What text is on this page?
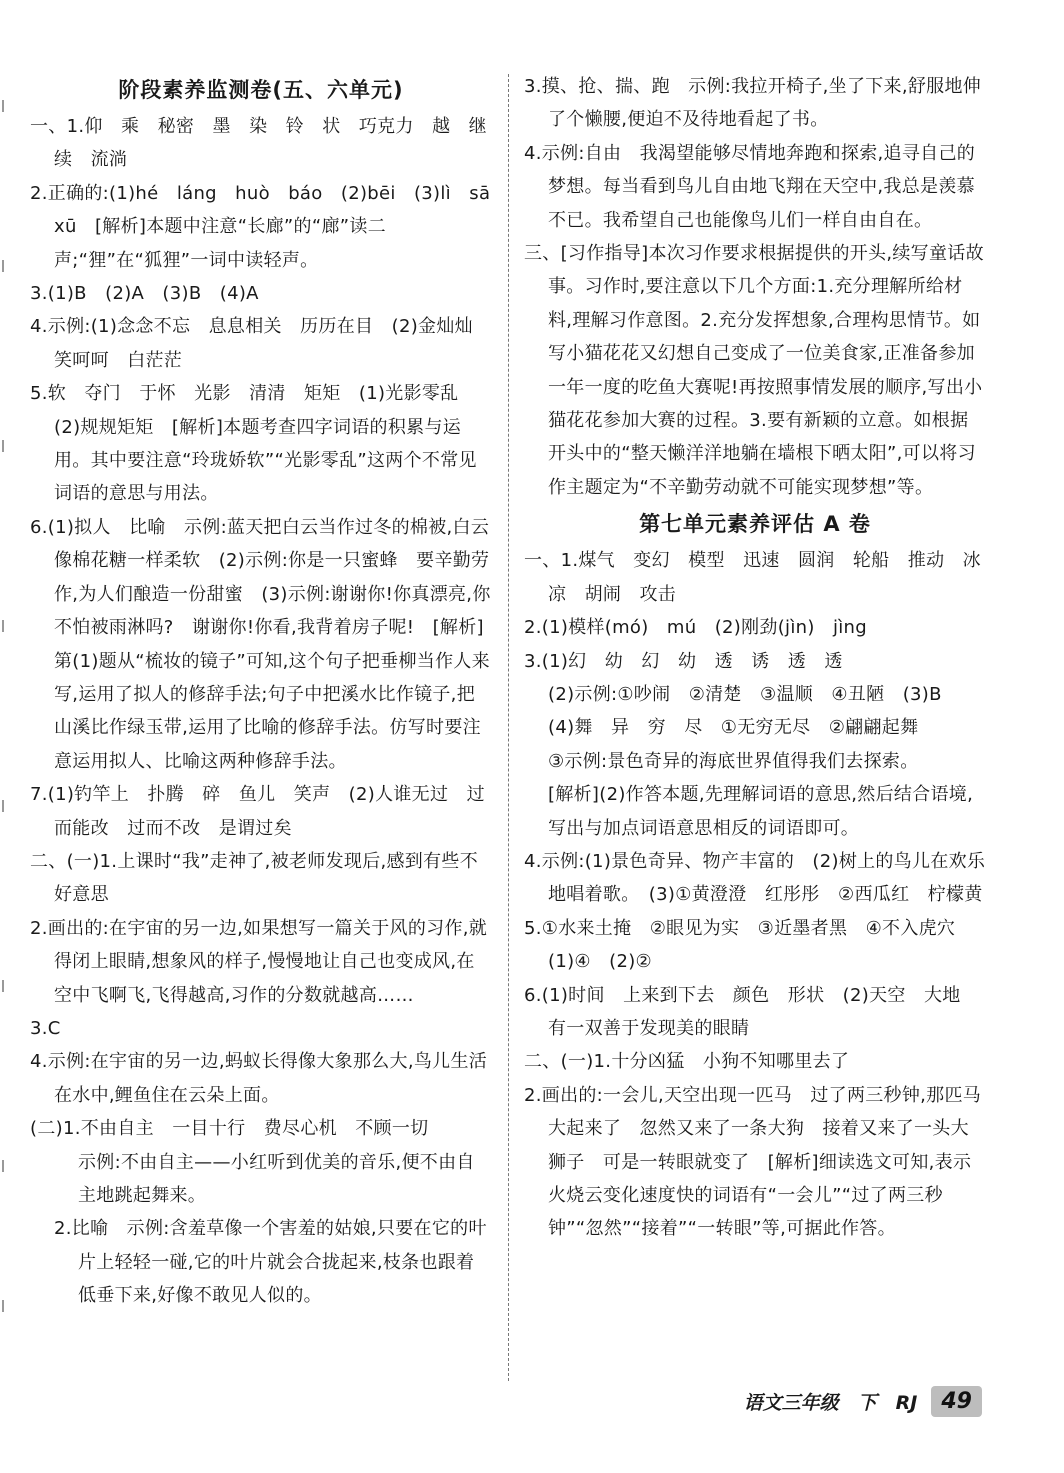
阶段素养监测卷(五、六单元)
一、1.仰　乘　秘密　墨　染　铃　状　巧克力　越　继续　流淌
2.正确的:(1)hé　láng　huò　báo　(2)bēi　(3)lì　sā　xū　[解析]本题中注意“长廊”的“廊”读二声;“狸”在“狐狸”一词中读轻声。
3.(1)B　(2)A　(3)B　(4)A
4.示例:(1)念念不忘　息息相关　历历在目　(2)金灿灿　笑呵呵　白茫茫
5.软　夺门　于怀　光影　清清　矩矩　(1)光影零乱　(2)规规矩矩　[解析]本题考查四字词语的积累与运用。其中要注意“玲珑娇软”“光影零乱”这两个不常见词语的意思与用法。
6.(1)拟人　比喻　示例:蓝天把白云当作过冬的棉被,白云像棉花糖一样柔软　(2)示例:你是一只蜜蜂　要辛勤劳作,为人们酿造一份甜蜜　(3)示例:谢谢你!你真漂亮,你不怕被雨淋吗?　谢谢你!你看,我背着房子呢!　[解析]第(1)题从“梳妆的镜子”可知,这个句子把垂柳当作人来写,运用了拟人的修辞手法;句子中把溪水比作镜子,把山溪比作绿玉带,运用了比喻的修辞手法。仿写时要注意运用拟人、比喻这两种修辞手法。
7.(1)钓竿上　扑腾　碎　鱼儿　笑声　(2)人谁无过　过而能改　过而不改　是谓过矣
二、(一)1.上课时“我”走神了,被老师发现后,感到有些不好意思
2.画出的:在宇宙的另一边,如果想写一篇关于风的习作,就得闭上眼睛,想象风的样子,慢慢地让自己也变成风,在空中飞啊飞,飞得越高,习作的分数就越高……
3.C
4.示例:在宇宙的另一边,蚂蚁长得像大象那么大,鸟儿生活在水中,鲤鱼住在云朵上面。
(二)1.不由自主　一目十行　费尽心机　不顾一切
示例:不由自主——小红听到优美的音乐,便不由自主地跳起舞来。
2.比喻　示例:含羞草像一个害羞的姑娘,只要在它的叶片上轻轻一碰,它的叶片就会合拢起来,枝条也跟着低垂下来,好像不敢见人似的。
3.摸、抢、揣、跑　示例:我拉开椅子,坐了下来,舒服地伸了个懒腰,便迫不及待地看起了书。
4.示例:自由　我渴望能够尽情地奔跑和探索,追寻自己的梦想。每当看到鸟儿自由地飞翔在天空中,我总是羡慕不已。我希望自己也能像鸟儿们一样自由自在。
三、[习作指导]本次习作要求根据提供的开头,续写童话故事。习作时,要注意以下几个方面:1.充分理解所给材料,理解习作意图。2.充分发挥想象,合理构思情节。如写小猫花花又幻想自己变成了一位美食家,正准备参加一年一度的吃鱼大赛呢!再按照事情发展的顺序,写出小猫花花参加大赛的过程。3.要有新颖的立意。如根据开头中的“整天懒洋洋地躺在墙根下晒太阳”,可以将习作主题定为“不辛勤劳动就不可能实现梦想”等。
第七单元素养评估 A 卷
一、1.煤气　变幻　模型　迅速　圆润　轮船　推动　冰凉　胡闹　攻击
2.(1)模样(mó)　mú　(2)刚劲(jìn)　jìng
3.(1)幻　幼　幻　幼　透　诱　透　透
(2)示例:①吵闹　②清楚　③温顺　④丑陋　(3)B
(4)舞　异　穷　尽　①无穷无尽　②翩翩起舞
③示例:景色奇异的海底世界值得我们去探索。
[解析](2)作答本题,先理解词语的意思,然后结合语境,写出与加点词语意思相反的词语即可。
4.示例:(1)景色奇异、物产丰富的　(2)树上的鸟儿在欢乐地唱着歌。　(3)①黄澄澄　红彤彤　②西瓜红　柠檬黄
5.①水来土掩　②眼见为实　③近墨者黑　④不入虎穴　(1)④　(2)②
6.(1)时间　上来到下去　颜色　形状　(2)天空　大地　有一双善于发现美的眼睛
二、(一)1.十分凶猛　小狗不知哪里去了
2.画出的:一会儿,天空出现一匹马　过了两三秒钟,那匹马大起来了　忽然又来了一条大狗　接着又来了一头大狮子　可是一转眼就变了　[解析]细读选文可知,表示火烧云变化速度快的词语有“一会儿”“过了两三秒钟”“忽然”“接着”“一转眼”等,可据此作答。
语文三年级　下　RJ	49
